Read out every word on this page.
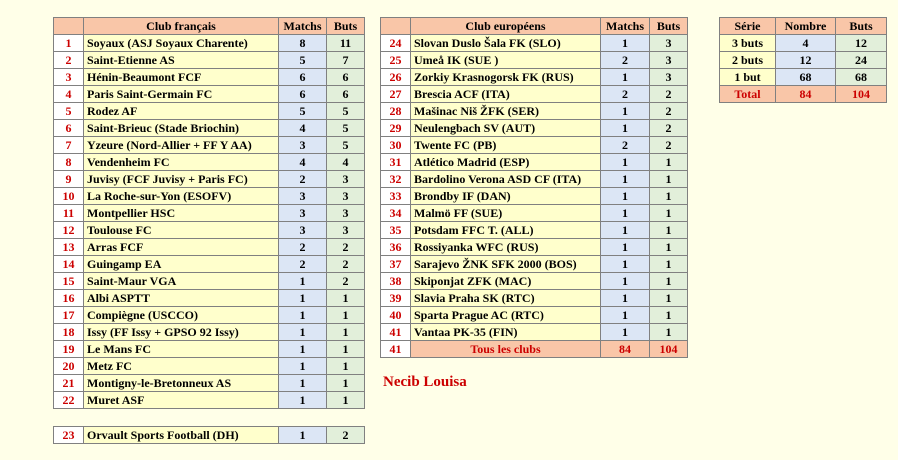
	Club français	Matchs	Buts
1	Soyaux (ASJ Soyaux Charente)	8	11
2	Saint-Etienne AS	5	7
3	Hénin-Beaumont FCF	6	6
4	Paris Saint-Germain FC	6	6
5	Rodez AF	5	5
6	Saint-Brieuc (Stade Briochin)	4	5
7	Yzeure (Nord-Allier + FF Y AA)	3	5
8	Vendenheim FC	4	4
9	Juvisy (FCF Juvisy + Paris FC)	2	3
10	La Roche-sur-Yon (ESOFV)	3	3
11	Montpellier HSC	3	3
12	Toulouse FC	3	3
13	Arras FCF	2	2
14	Guingamp EA	2	2
15	Saint-Maur VGA	1	2
16	Albi ASPTT	1	1
17	Compiègne (USCCO)	1	1
18	Issy (FF Issy + GPSO 92 Issy)	1	1
19	Le Mans FC	1	1
20	Metz FC	1	1
21	Montigny-le-Bretonneux AS	1	1
22	Muret ASF	1	1
23	Orvault Sports Football (DH)	1	2
	Club européens	Matchs	Buts
24	Slovan Duslo Šala FK (SLO)	1	3
25	Umeå IK (SUE )	2	3
26	Zorkiy Krasnogorsk FK (RUS)	1	3
27	Brescia ACF (ITA)	2	2
28	Mašinac Niš ŽFK (SER)	1	2
29	Neulengbach SV (AUT)	1	2
30	Twente FC (PB)	2	2
31	Atlético Madrid (ESP)	1	1
32	Bardolino Verona ASD CF (ITA)	1	1
33	Brondby IF (DAN)	1	1
34	Malmö FF (SUE)	1	1
35	Potsdam FFC T. (ALL)	1	1
36	Rossiyanka WFC (RUS)	1	1
37	Sarajevo ŽNK SFK 2000 (BOS)	1	1
38	Skiponjat ZFK (MAC)	1	1
39	Slavia Praha SK (RTC)	1	1
40	Sparta Prague AC (RTC)	1	1
41	Vantaa PK-35 (FIN)	1	1
41	Tous les clubs	84	104
Série	Nombre	Buts
3 buts	4	12
2 buts	12	24
1 but	68	68
Total	84	104
Necib Louisa
